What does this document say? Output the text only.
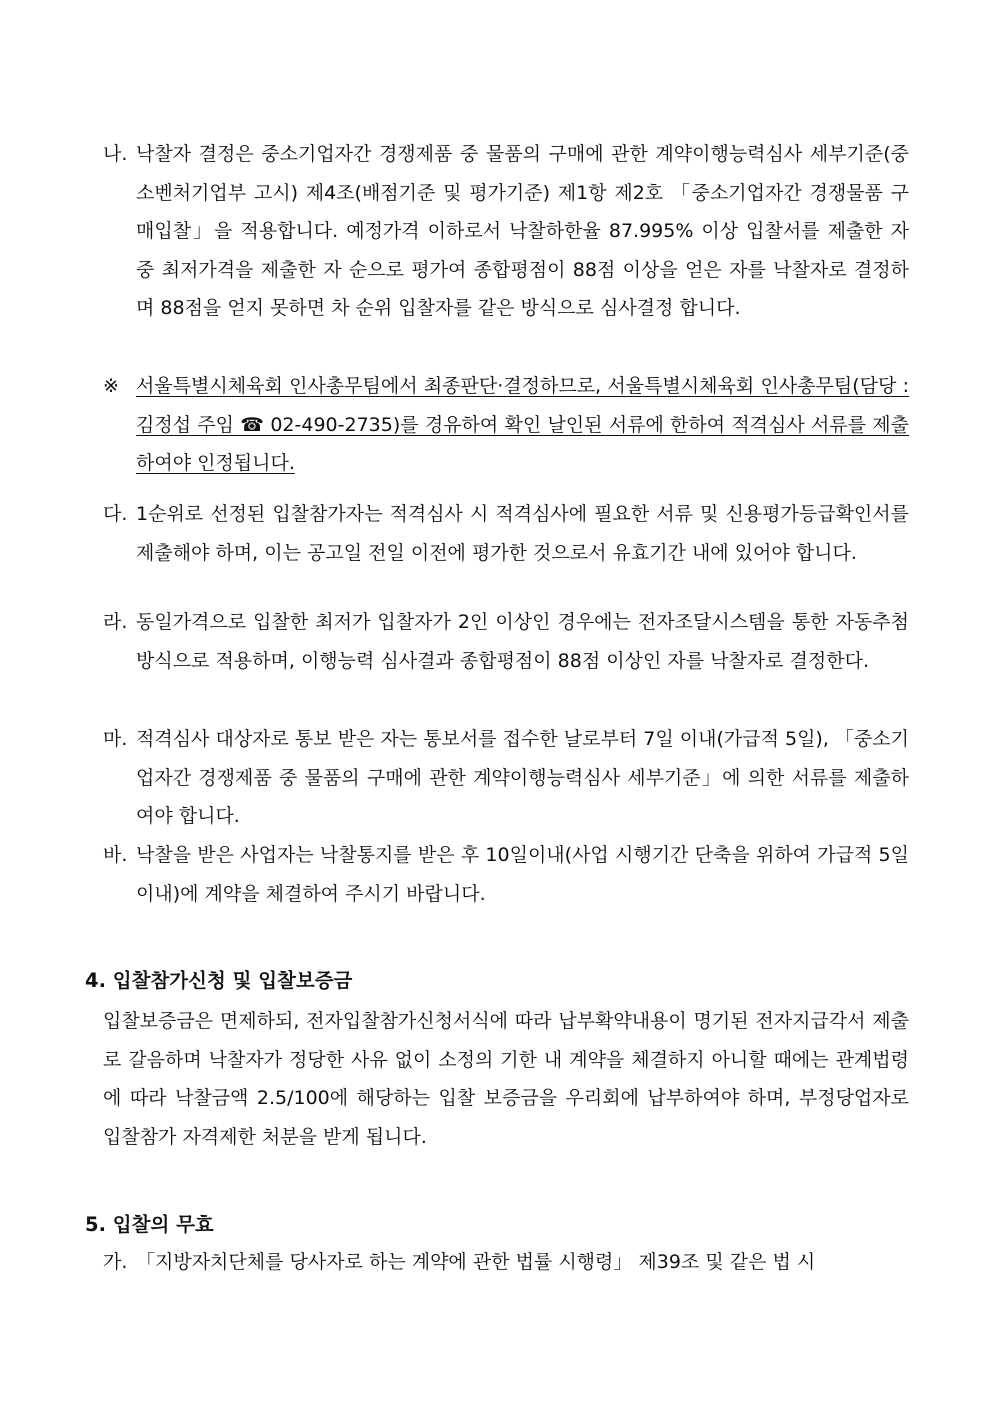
나. 낙찰자 결정은 중소기업자간 경쟁제품 중 물품의 구매에 관한 계약이행능력심사 세부기준(중소벤처기업부 고시) 제4조(배점기준 및 평가기준) 제1항 제2호 「중소기업자간 경쟁물품 구매입찰」을 적용합니다. 예정가격 이하로서 낙찰하한율 87.995% 이상 입찰서를 제출한 자 중 최저가격을 제출한 자 순으로 평가여 종합평점이 88점 이상을 얻은 자를 낙찰자로 결정하며 88점을 얻지 못하면 차 순위 입찰자를 같은 방식으로 심사결정 합니다.
※ 서울특별시체육회 인사총무팀에서 최종판단·결정하므로, 서울특별시체육회 인사총무팀(담당 : 김정섭 주임 ☎ 02-490-2735)를 경유하여 확인 날인된 서류에 한하여 적격심사 서류를 제출 하여야 인정됩니다.
다. 1순위로 선정된 입찰참가자는 적격심사 시 적격심사에 필요한 서류 및 신용평가등급확인서를 제출해야 하며, 이는 공고일 전일 이전에 평가한 것으로서 유효기간 내에 있어야 합니다.
라. 동일가격으로 입찰한 최저가 입찰자가 2인 이상인 경우에는 전자조달시스템을 통한 자동추첨방식으로 적용하며, 이행능력 심사결과 종합평점이 88점 이상인 자를 낙찰자로 결정한다.
마. 적격심사 대상자로 통보 받은 자는 통보서를 접수한 날로부터 7일 이내(가급적 5일), 「중소기업자간 경쟁제품 중 물품의 구매에 관한 계약이행능력심사 세부기준」에 의한 서류를 제출하여야 합니다.
바. 낙찰을 받은 사업자는 낙찰통지를 받은 후 10일이내(사업 시행기간 단축을 위하여 가급적 5일 이내)에 계약을 체결하여 주시기 바랍니다.
4. 입찰참가신청 및 입찰보증금
입찰보증금은 면제하되, 전자입찰참가신청서식에 따라 납부확약내용이 명기된 전자지급각서 제출로 갈음하며 낙찰자가 정당한 사유 없이 소정의 기한 내 계약을 체결하지 아니할 때에는 관계법령에 따라 낙찰금액 2.5/100에 해당하는 입찰 보증금을 우리회에 납부하여야 하며, 부정당업자로 입찰참가 자격제한 처분을 받게 됩니다.
5. 입찰의 무효
가. 「지방자치단체를 당사자로 하는 계약에 관한 법률 시행령」 제39조 및 같은 법 시
